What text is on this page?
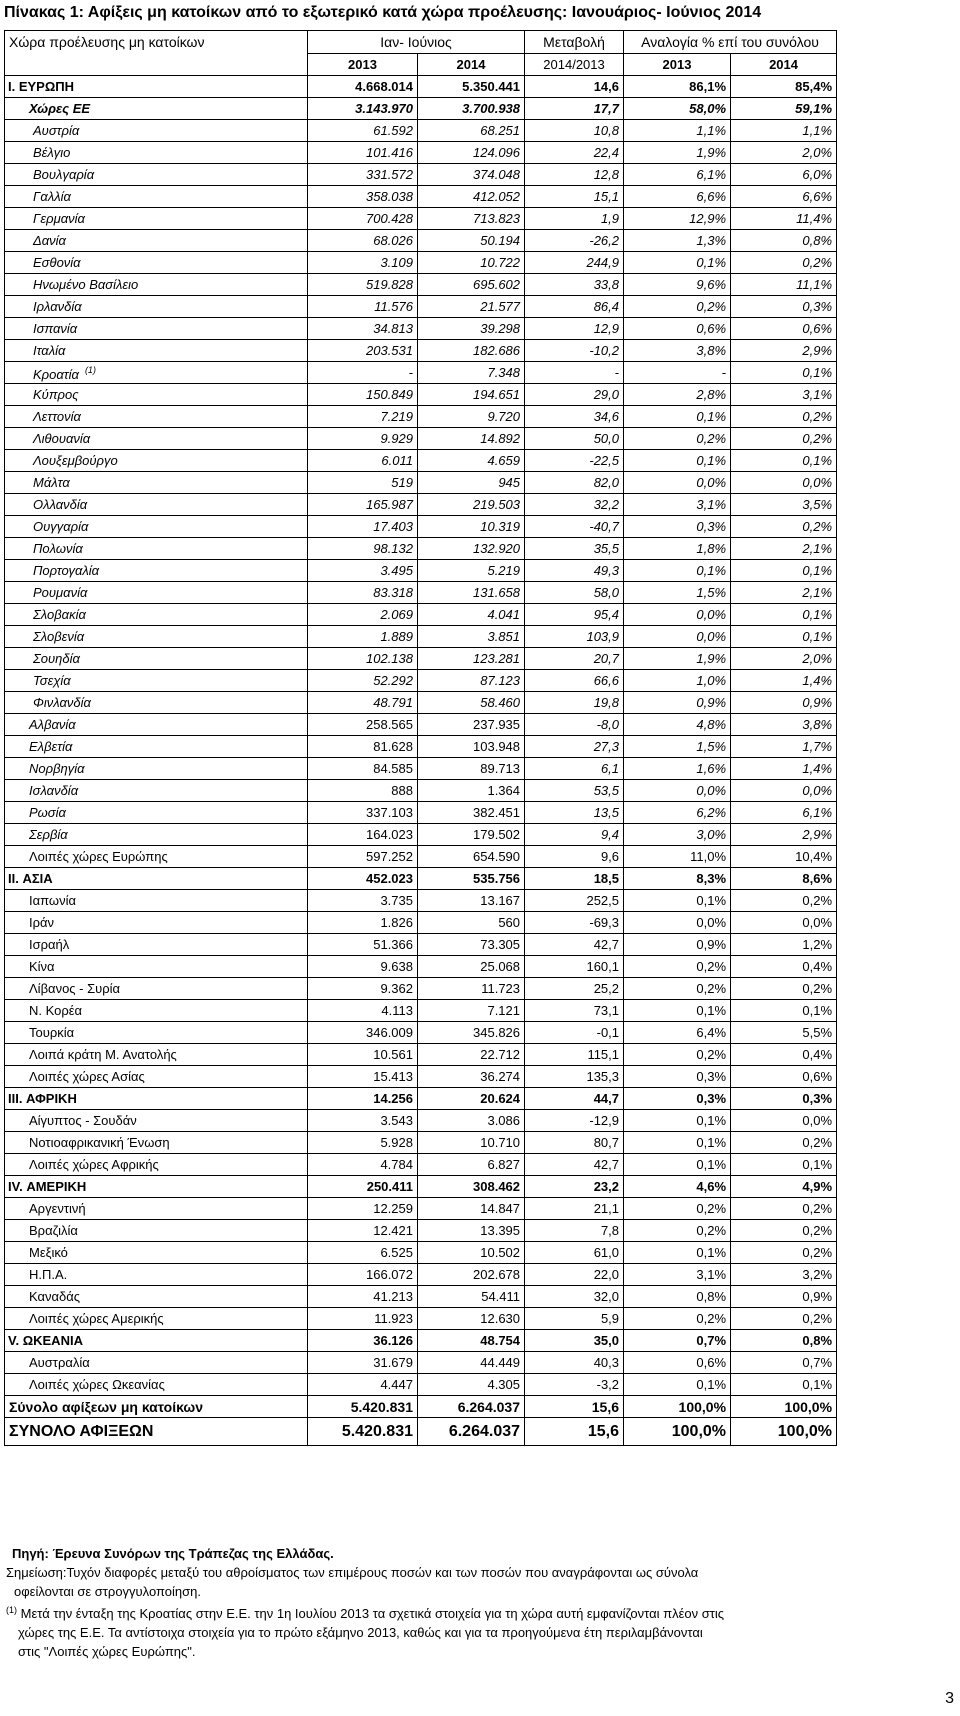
Πίνακας 1: Αφίξεις μη κατοίκων από το εξωτερικό κατά χώρα προέλευσης: Ιανουάριος- Ιούνιος 2014
Χώρα προέλευσης μη κατοίκων	Ιαν- Ιούνιος		Μεταβολή	Αναλογία % επί του συνόλου	
	2013	2014	2014/2013	2013	2014
I. ΕΥΡΩΠΗ	4.668.014	5.350.441	14,6	86,1%	85,4%
Χώρες ΕΕ	3.143.970	3.700.938	17,7	58,0%	59,1%
Αυστρία	61.592	68.251	10,8	1,1%	1,1%
Βέλγιο	101.416	124.096	22,4	1,9%	2,0%
Βουλγαρία	331.572	374.048	12,8	6,1%	6,0%
Γαλλία	358.038	412.052	15,1	6,6%	6,6%
Γερμανία	700.428	713.823	1,9	12,9%	11,4%
Δανία	68.026	50.194	-26,2	1,3%	0,8%
Εσθονία	3.109	10.722	244,9	0,1%	0,2%
Ηνωμένο Βασίλειο	519.828	695.602	33,8	9,6%	11,1%
Ιρλανδία	11.576	21.577	86,4	0,2%	0,3%
Ισπανία	34.813	39.298	12,9	0,6%	0,6%
Ιταλία	203.531	182.686	-10,2	3,8%	2,9%
Κροατία $^{(1)}$	-	7.348	-	-	0,1%
Κύπρος	150.849	194.651	29,0	2,8%	3,1%
Λεττονία	7.219	9.720	34,6	0,1%	0,2%
Λιθουανία	9.929	14.892	50,0	0,2%	0,2%
Λουξεμβούργο	6.011	4.659	-22,5	0,1%	0,1%
Μάλτα	519	945	82,0	0,0%	0,0%
Ολλανδία	165.987	219.503	32,2	3,1%	3,5%
Ουγγαρία	17.403	10.319	-40,7	0,3%	0,2%
Πολωνία	98.132	132.920	35,5	1,8%	2,1%
Πορτογαλία	3.495	5.219	49,3	0,1%	0,1%
Ρουμανία	83.318	131.658	58,0	1,5%	2,1%
Σλοβακία	2.069	4.041	95,4	0,0%	0,1%
Σλοβενία	1.889	3.851	103,9	0,0%	0,1%
Σουηδία	102.138	123.281	20,7	1,9%	2,0%
Τσεχία	52.292	87.123	66,6	1,0%	1,4%
Φινλανδία	48.791	58.460	19,8	0,9%	0,9%
Αλβανία	258.565	237.935	-8,0	4,8%	3,8%
Ελβετία	81.628	103.948	27,3	1,5%	1,7%
Νορβηγία	84.585	89.713	6,1	1,6%	1,4%
Ισλανδία	888	1.364	53,5	0,0%	0,0%
Ρωσία	337.103	382.451	13,5	6,2%	6,1%
Σερβία	164.023	179.502	9,4	3,0%	2,9%
Λοιπές χώρες Ευρώπης	597.252	654.590	9,6	11,0%	10,4%
II. ΑΣΙΑ	452.023	535.756	18,5	8,3%	8,6%
Ιαπωνία	3.735	13.167	252,5	0,1%	0,2%
Ιράν	1.826	560	-69,3	0,0%	0,0%
Ισραήλ	51.366	73.305	42,7	0,9%	1,2%
Κίνα	9.638	25.068	160,1	0,2%	0,4%
Λίβανος - Συρία	9.362	11.723	25,2	0,2%	0,2%
Ν. Κορέα	4.113	7.121	73,1	0,1%	0,1%
Τουρκία	346.009	345.826	-0,1	6,4%	5,5%
Λοιπά κράτη Μ. Ανατολής	10.561	22.712	115,1	0,2%	0,4%
Λοιπές χώρες Ασίας	15.413	36.274	135,3	0,3%	0,6%
III. ΑΦΡΙΚΗ	14.256	20.624	44,7	0,3%	0,3%
Αίγυπτος - Σουδάν	3.543	3.086	-12,9	0,1%	0,0%
Νοτιοαφρικανική Ένωση	5.928	10.710	80,7	0,1%	0,2%
Λοιπές χώρες Αφρικής	4.784	6.827	42,7	0,1%	0,1%
IV. ΑΜΕΡΙΚΗ	250.411	308.462	23,2	4,6%	4,9%
Αργεντινή	12.259	14.847	21,1	0,2%	0,2%
Βραζιλία	12.421	13.395	7,8	0,2%	0,2%
Μεξικό	6.525	10.502	61,0	0,1%	0,2%
Η.Π.Α.	166.072	202.678	22,0	3,1%	3,2%
Καναδάς	41.213	54.411	32,0	0,8%	0,9%
Λοιπές χώρες Αμερικής	11.923	12.630	5,9	0,2%	0,2%
V. ΩΚΕΑΝΙΑ	36.126	48.754	35,0	0,7%	0,8%
Αυστραλία	31.679	44.449	40,3	0,6%	0,7%
Λοιπές χώρες Ωκεανίας	4.447	4.305	-3,2	0,1%	0,1%
Σύνολο αφίξεων μη κατοίκων	5.420.831	6.264.037	15,6	100,0%	100,0%
ΣΥΝΟΛΟ ΑΦΙΞΕΩΝ	5.420.831	6.264.037	15,6	100,0%	100,0%
Πηγή: Έρευνα Συνόρων της Τράπεζας της Ελλάδας.
Σημείωση:Τυχόν διαφορές μεταξύ του αθροίσματος των επιμέρους ποσών και των ποσών που αναγράφονται ως σύνολα
οφείλονται σε στρογγυλοποίηση.
$^{(1)}$ Μετά την ένταξη της Κροατίας στην Ε.Ε. την 1η Ιουλίου 2013 τα σχετικά στοιχεία για τη χώρα αυτή εμφανίζονται πλέον στις
χώρες της Ε.Ε. Τα αντίστοιχα στοιχεία για το πρώτο εξάμηνο 2013, καθώς και για τα προηγούμενα έτη περιλαμβάνονται
στις "Λοιπές χώρες Ευρώπης".
3
